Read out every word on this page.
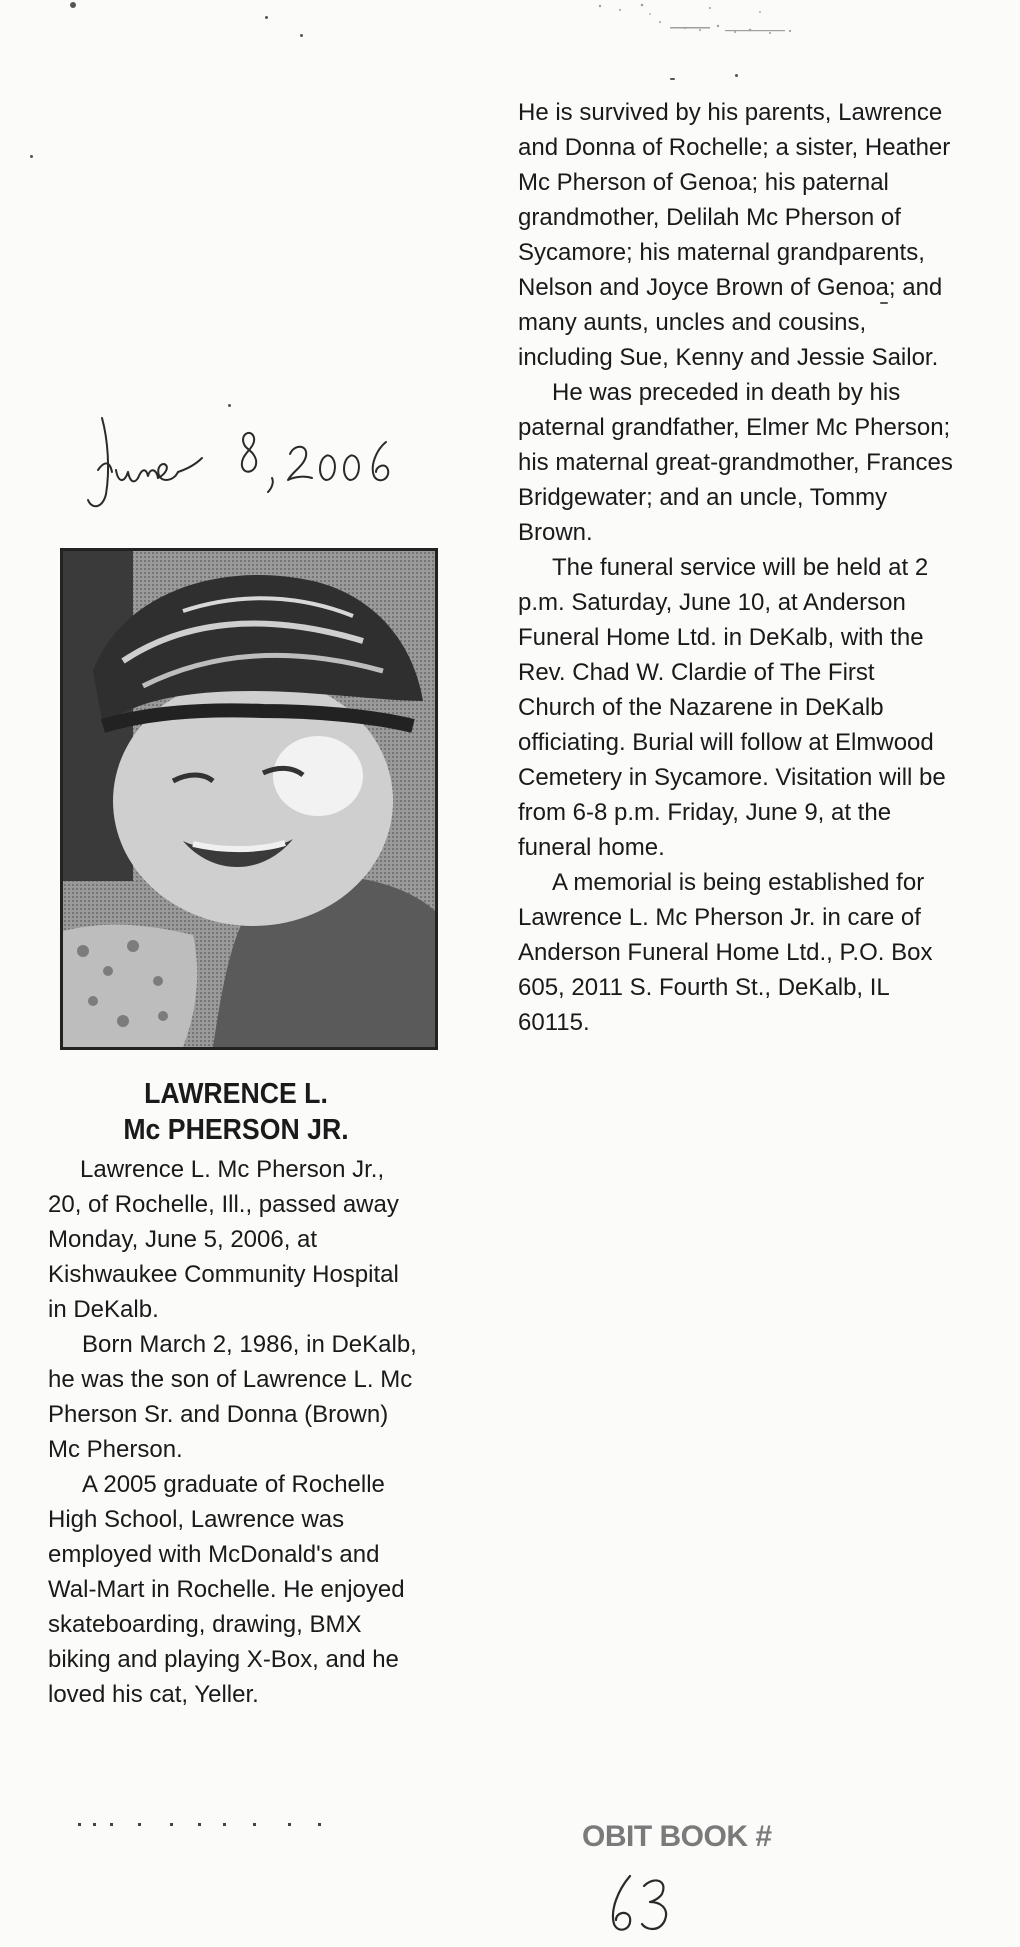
LAWRENCE L.
Mc PHERSON JR.

Lawrence L. Mc Pherson Jr., 20, of Rochelle, Ill., passed away Monday, June 5, 2006, at Kishwaukee Community Hospital in DeKalb.

Born March 2, 1986, in DeKalb, he was the son of Lawrence L. Mc Pherson Sr. and Donna (Brown) Mc Pherson.

A 2005 graduate of Rochelle High School, Lawrence was employed with McDonald's and Wal-Mart in Rochelle. He enjoyed skateboarding, drawing, BMX biking and playing X-Box, and he loved his cat, Yeller.

He is survived by his parents, Lawrence and Donna of Rochelle; a sister, Heather Mc Pherson of Genoa; his paternal grandmother, Delilah Mc Pherson of Sycamore; his maternal grandparents, Nelson and Joyce Brown of Genoa; and many aunts, uncles and cousins, including Sue, Kenny and Jessie Sailor.

He was preceded in death by his paternal grandfather, Elmer Mc Pherson; his maternal great-grandmother, Frances Bridgewater; and an uncle, Tommy Brown.

The funeral service will be held at 2 p.m. Saturday, June 10, at Anderson Funeral Home Ltd. in DeKalb, with the Rev. Chad W. Clardie of The First Church of the Nazarene in DeKalb officiating. Burial will follow at Elmwood Cemetery in Sycamore. Visitation will be from 6-8 p.m. Friday, June 9, at the funeral home.

A memorial is being established for Lawrence L. Mc Pherson Jr. in care of Anderson Funeral Home Ltd., P.O. Box 605, 2011 S. Fourth St., DeKalb, IL 60115.

OBIT BOOK #
